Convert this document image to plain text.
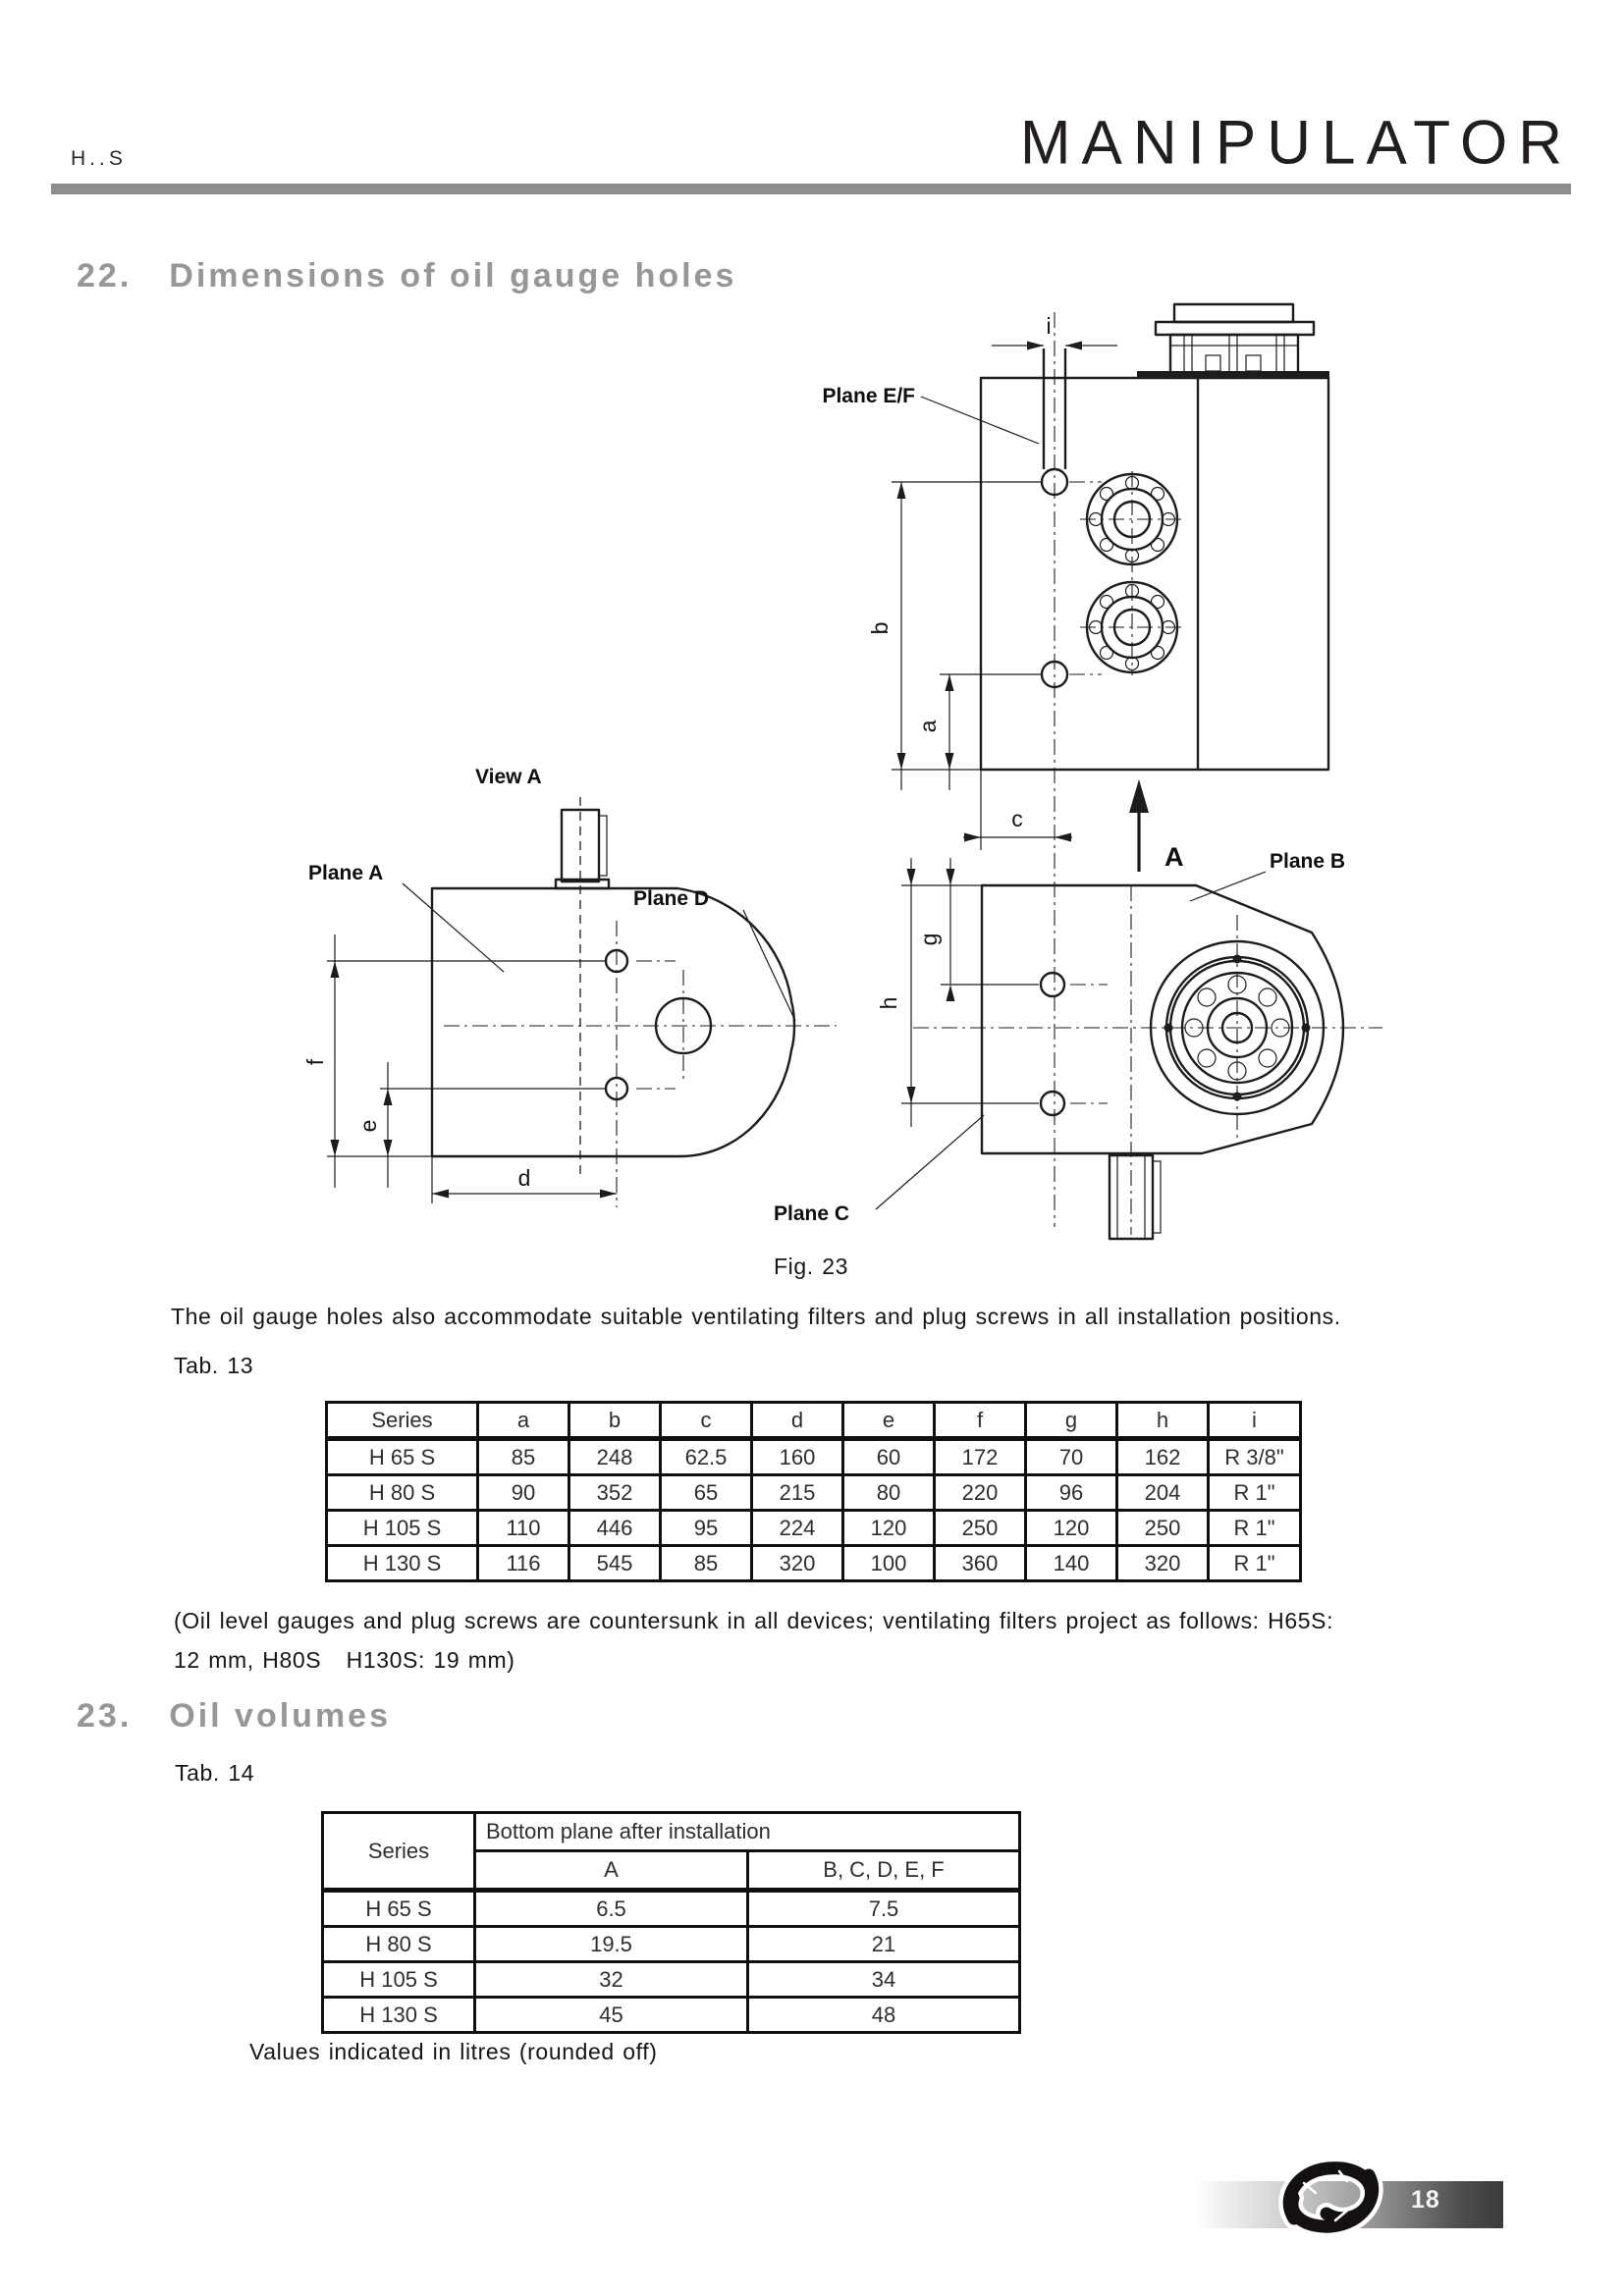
H..S	MANIPULATOR
22. Dimensions of oil gauge holes
i
b
a
c
A
Plane E/F
View A
f
e
d
Plane A
Plane D
g
h
Plane B
Plane C
Fig. 23
The oil gauge holes also accommodate suitable ventilating filters and plug screws in all installation positions.
Tab. 13
Series	a	b	c	d	e	f	g	h	i
H 65 S	85	248	62.5	160	60	172	70	162	R 3/8"
H 80 S	90	352	65	215	80	220	96	204	R 1"
H 105 S	110	446	95	224	120	250	120	250	R 1"
H 130 S	116	545	85	320	100	360	140	320	R 1"
(Oil level gauges and plug screws are countersunk in all devices; ventilating filters project as follows: H65S:
12 mm, H80S   H130S: 19 mm)
23. Oil volumes
Tab. 14
Series	Bottom plane after installation	
	A	B, C, D, E, F
H 65 S	6.5	7.5
H 80 S	19.5	21
H 105 S	32	34
H 130 S	45	48
Values indicated in litres (rounded off)
18
